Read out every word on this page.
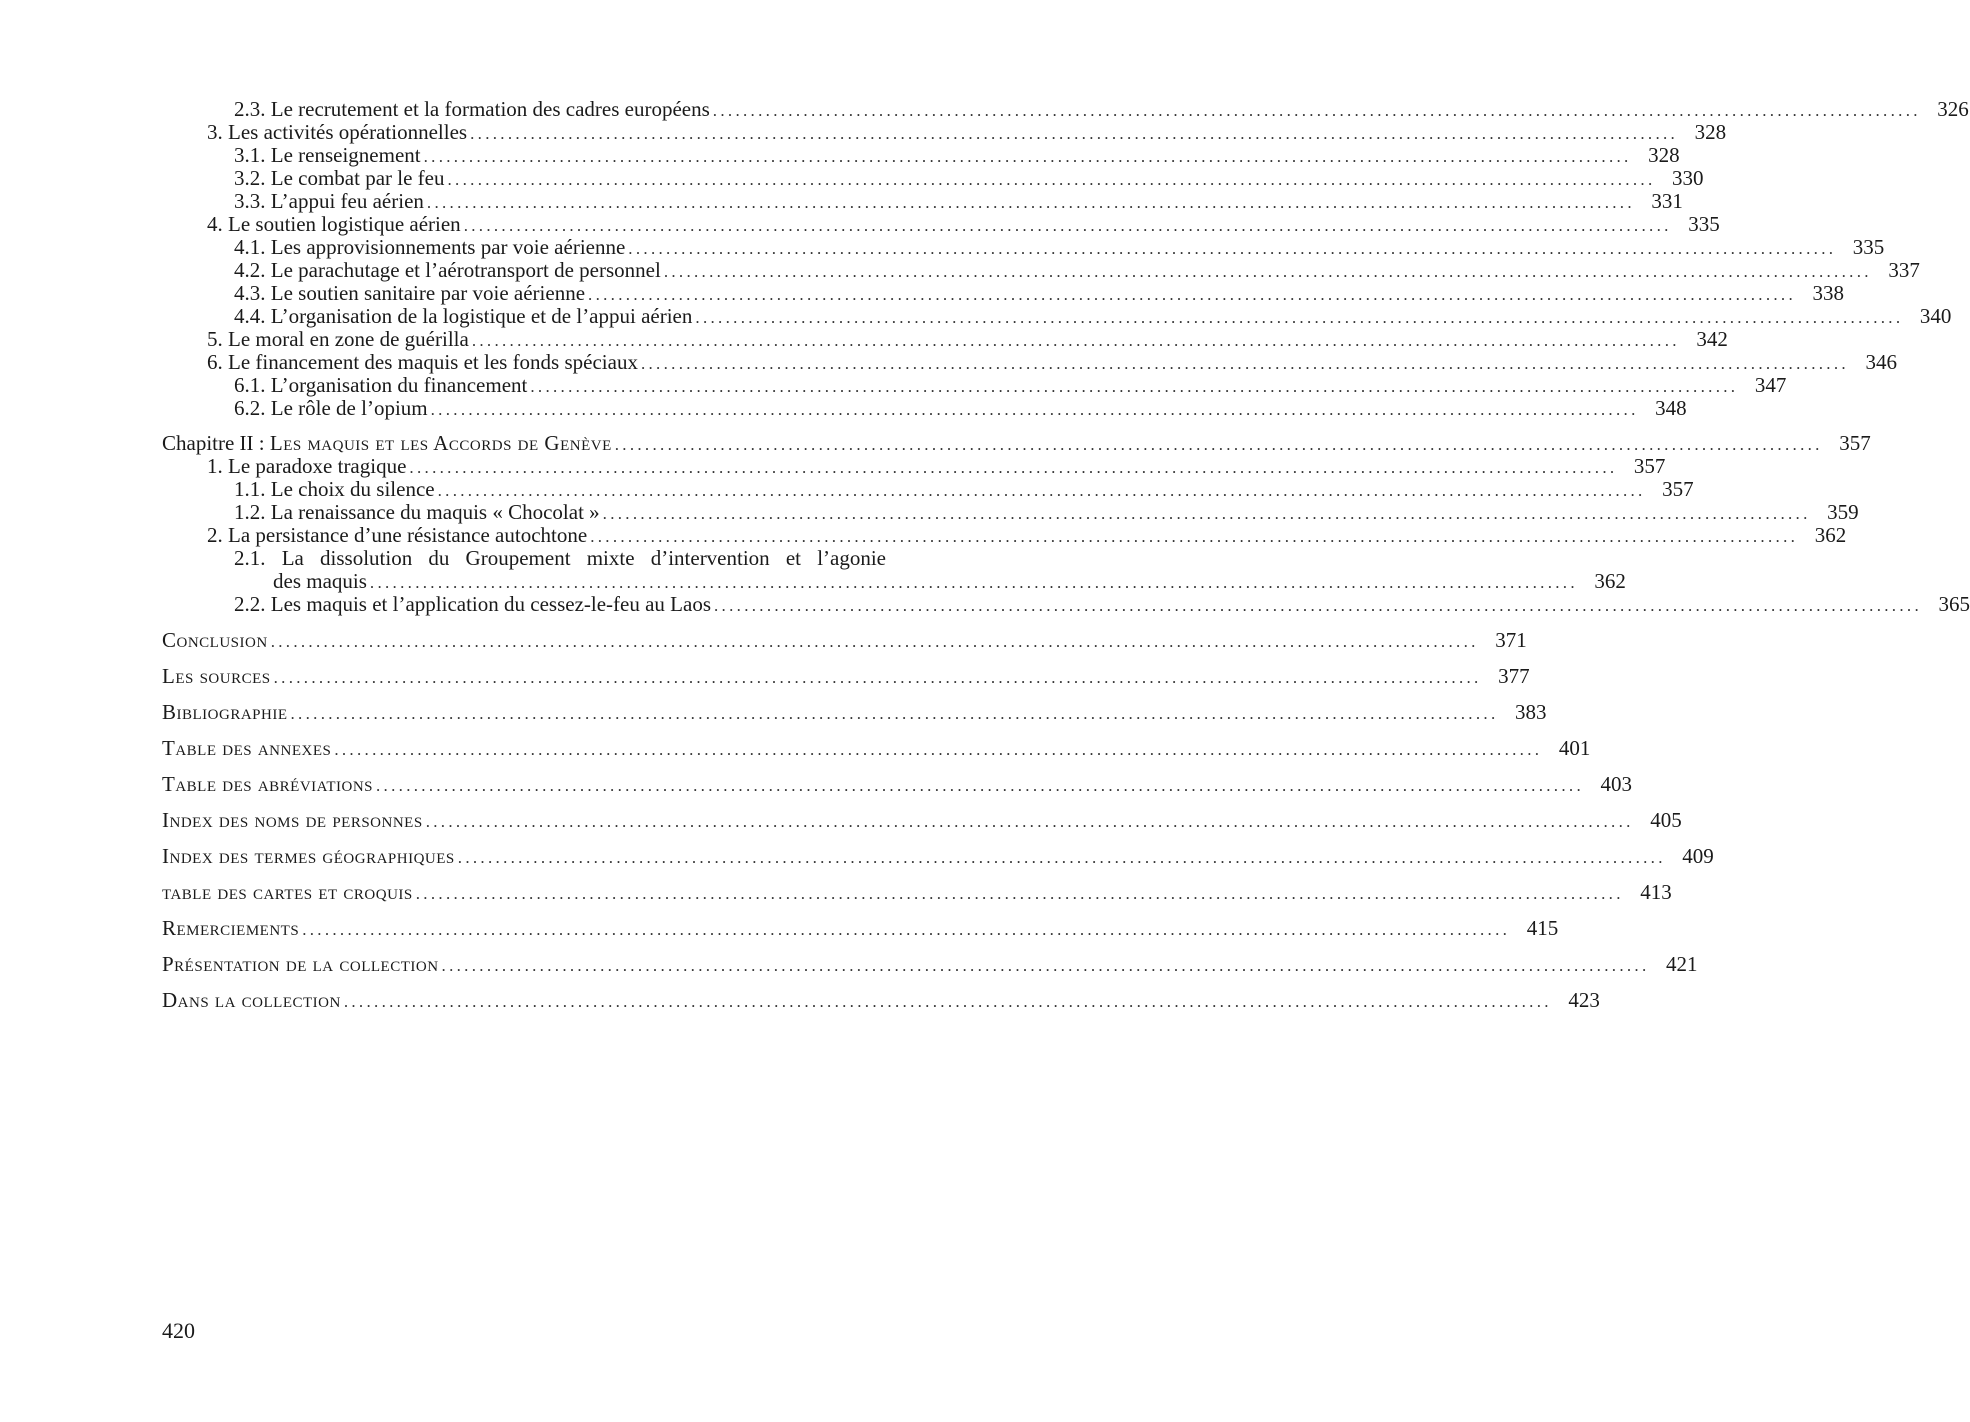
2.3. Le recrutement et la formation des cadres européens ................................................................................................................................................................ 326
3. Les activités opérationnelles ................................................................................................................................................................ 328
3.1. Le renseignement ................................................................................................................................................................ 328
3.2. Le combat par le feu ................................................................................................................................................................ 330
3.3. L’appui feu aérien ................................................................................................................................................................ 331
4. Le soutien logistique aérien ................................................................................................................................................................ 335
4.1. Les approvisionnements par voie aérienne ................................................................................................................................................................ 335
4.2. Le parachutage et l’aérotransport de personnel ................................................................................................................................................................ 337
4.3. Le soutien sanitaire par voie aérienne ................................................................................................................................................................ 338
4.4. L’organisation de la logistique et de l’appui aérien ................................................................................................................................................................ 340
5. Le moral en zone de guérilla ................................................................................................................................................................ 342
6. Le financement des maquis et les fonds spéciaux ................................................................................................................................................................ 346
6.1. L’organisation du financement ................................................................................................................................................................ 347
6.2. Le rôle de l’opium ................................................................................................................................................................ 348
Chapitre II : Les maquis et les Accords de Genève ................................................................................................................................................................ 357
1. Le paradoxe tragique ................................................................................................................................................................ 357
1.1. Le choix du silence ................................................................................................................................................................ 357
1.2. La renaissance du maquis « Chocolat » ................................................................................................................................................................ 359
2. La persistance d’une résistance autochtone ................................................................................................................................................................ 362
2.1. La dissolution du Groupement mixte d’intervention et l’agonie
des maquis ................................................................................................................................................................ 362
2.2. Les maquis et l’application du cessez-le-feu au Laos ................................................................................................................................................................ 365
Conclusion ................................................................................................................................................................ 371
Les sources ................................................................................................................................................................ 377
Bibliographie ................................................................................................................................................................ 383
Table des annexes ................................................................................................................................................................ 401
Table des abréviations ................................................................................................................................................................ 403
Index des noms de personnes ................................................................................................................................................................ 405
Index des termes géographiques ................................................................................................................................................................ 409
table des cartes et croquis ................................................................................................................................................................ 413
Remerciements ................................................................................................................................................................ 415
Présentation de la collection ................................................................................................................................................................ 421
Dans la collection ................................................................................................................................................................ 423
420
